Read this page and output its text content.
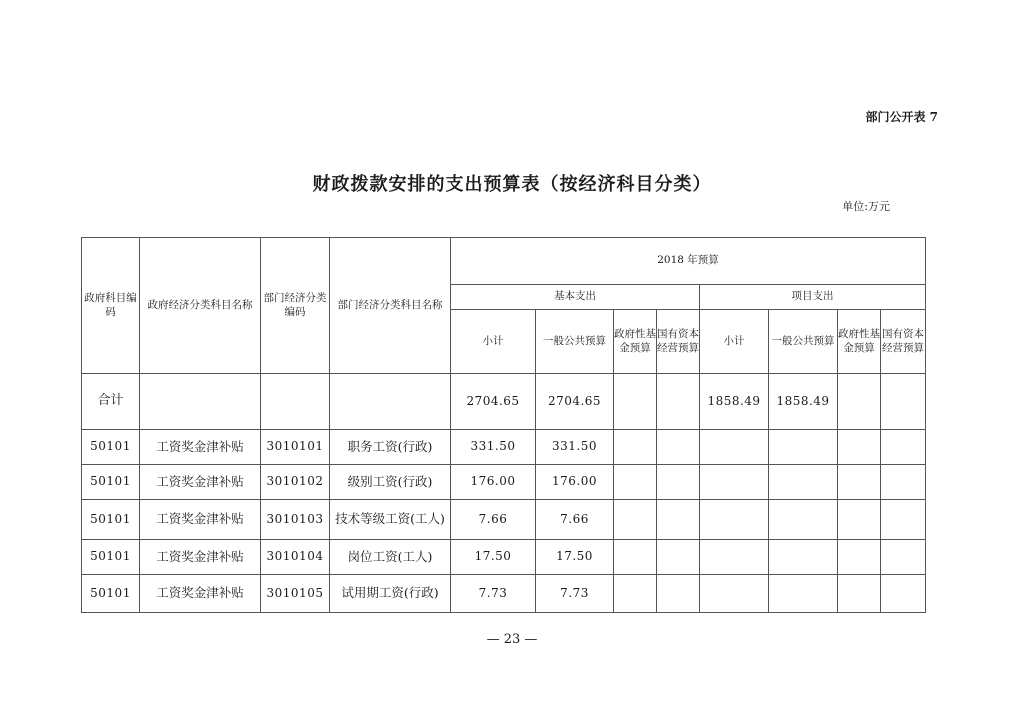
部门公开表 7
财政拨款安排的支出预算表（按经济科目分类）
单位:万元
政府科目编码	政府经济分类科目名称	部门经济分类编码	部门经济分类科目名称	2018 年预算							
				基本支出				项目支出			
				小计	一般公共预算	政府性基金预算	国有资本经营预算	小计	一般公共预算	政府性基金预算	国有资本经营预算
合计				2704.65	2704.65			1858.49	1858.49		
50101	工资奖金津补贴	3010101	职务工资(行政)	331.50	331.50						
50101	工资奖金津补贴	3010102	级别工资(行政)	176.00	176.00						
50101	工资奖金津补贴	3010103	技术等级工资(工人)	7.66	7.66						
50101	工资奖金津补贴	3010104	岗位工资(工人)	17.50	17.50						
50101	工资奖金津补贴	3010105	试用期工资(行政)	7.73	7.73						
— 23 —
